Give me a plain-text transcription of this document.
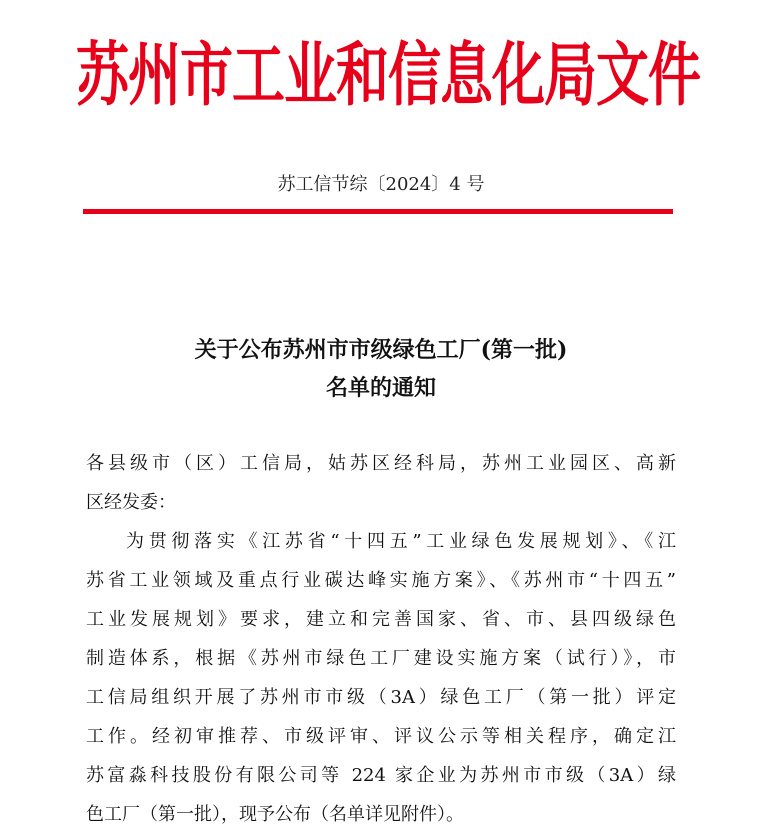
苏州市工业和信息化局文件
苏工信节综〔2024〕4 号
关于公布苏州市市级绿色工厂(第一批)
名单的通知
各县级市（区）工信局，姑苏区经科局，苏州工业园区、高新
区经发委：
为贯彻落实《江苏省“十四五”工业绿色发展规划》、《江
苏省工业领域及重点行业碳达峰实施方案》、《苏州市“十四五”
工业发展规划》要求，建立和完善国家、省、市、县四级绿色
制造体系，根据《苏州市绿色工厂建设实施方案（试行）》，市
工信局组织开展了苏州市市级（3A）绿色工厂（第一批）评定
工作。经初审推荐、市级评审、评议公示等相关程序，确定江
苏富淼科技股份有限公司等 224 家企业为苏州市市级（3A）绿
色工厂（第一批），现予公布（名单详见附件）。
